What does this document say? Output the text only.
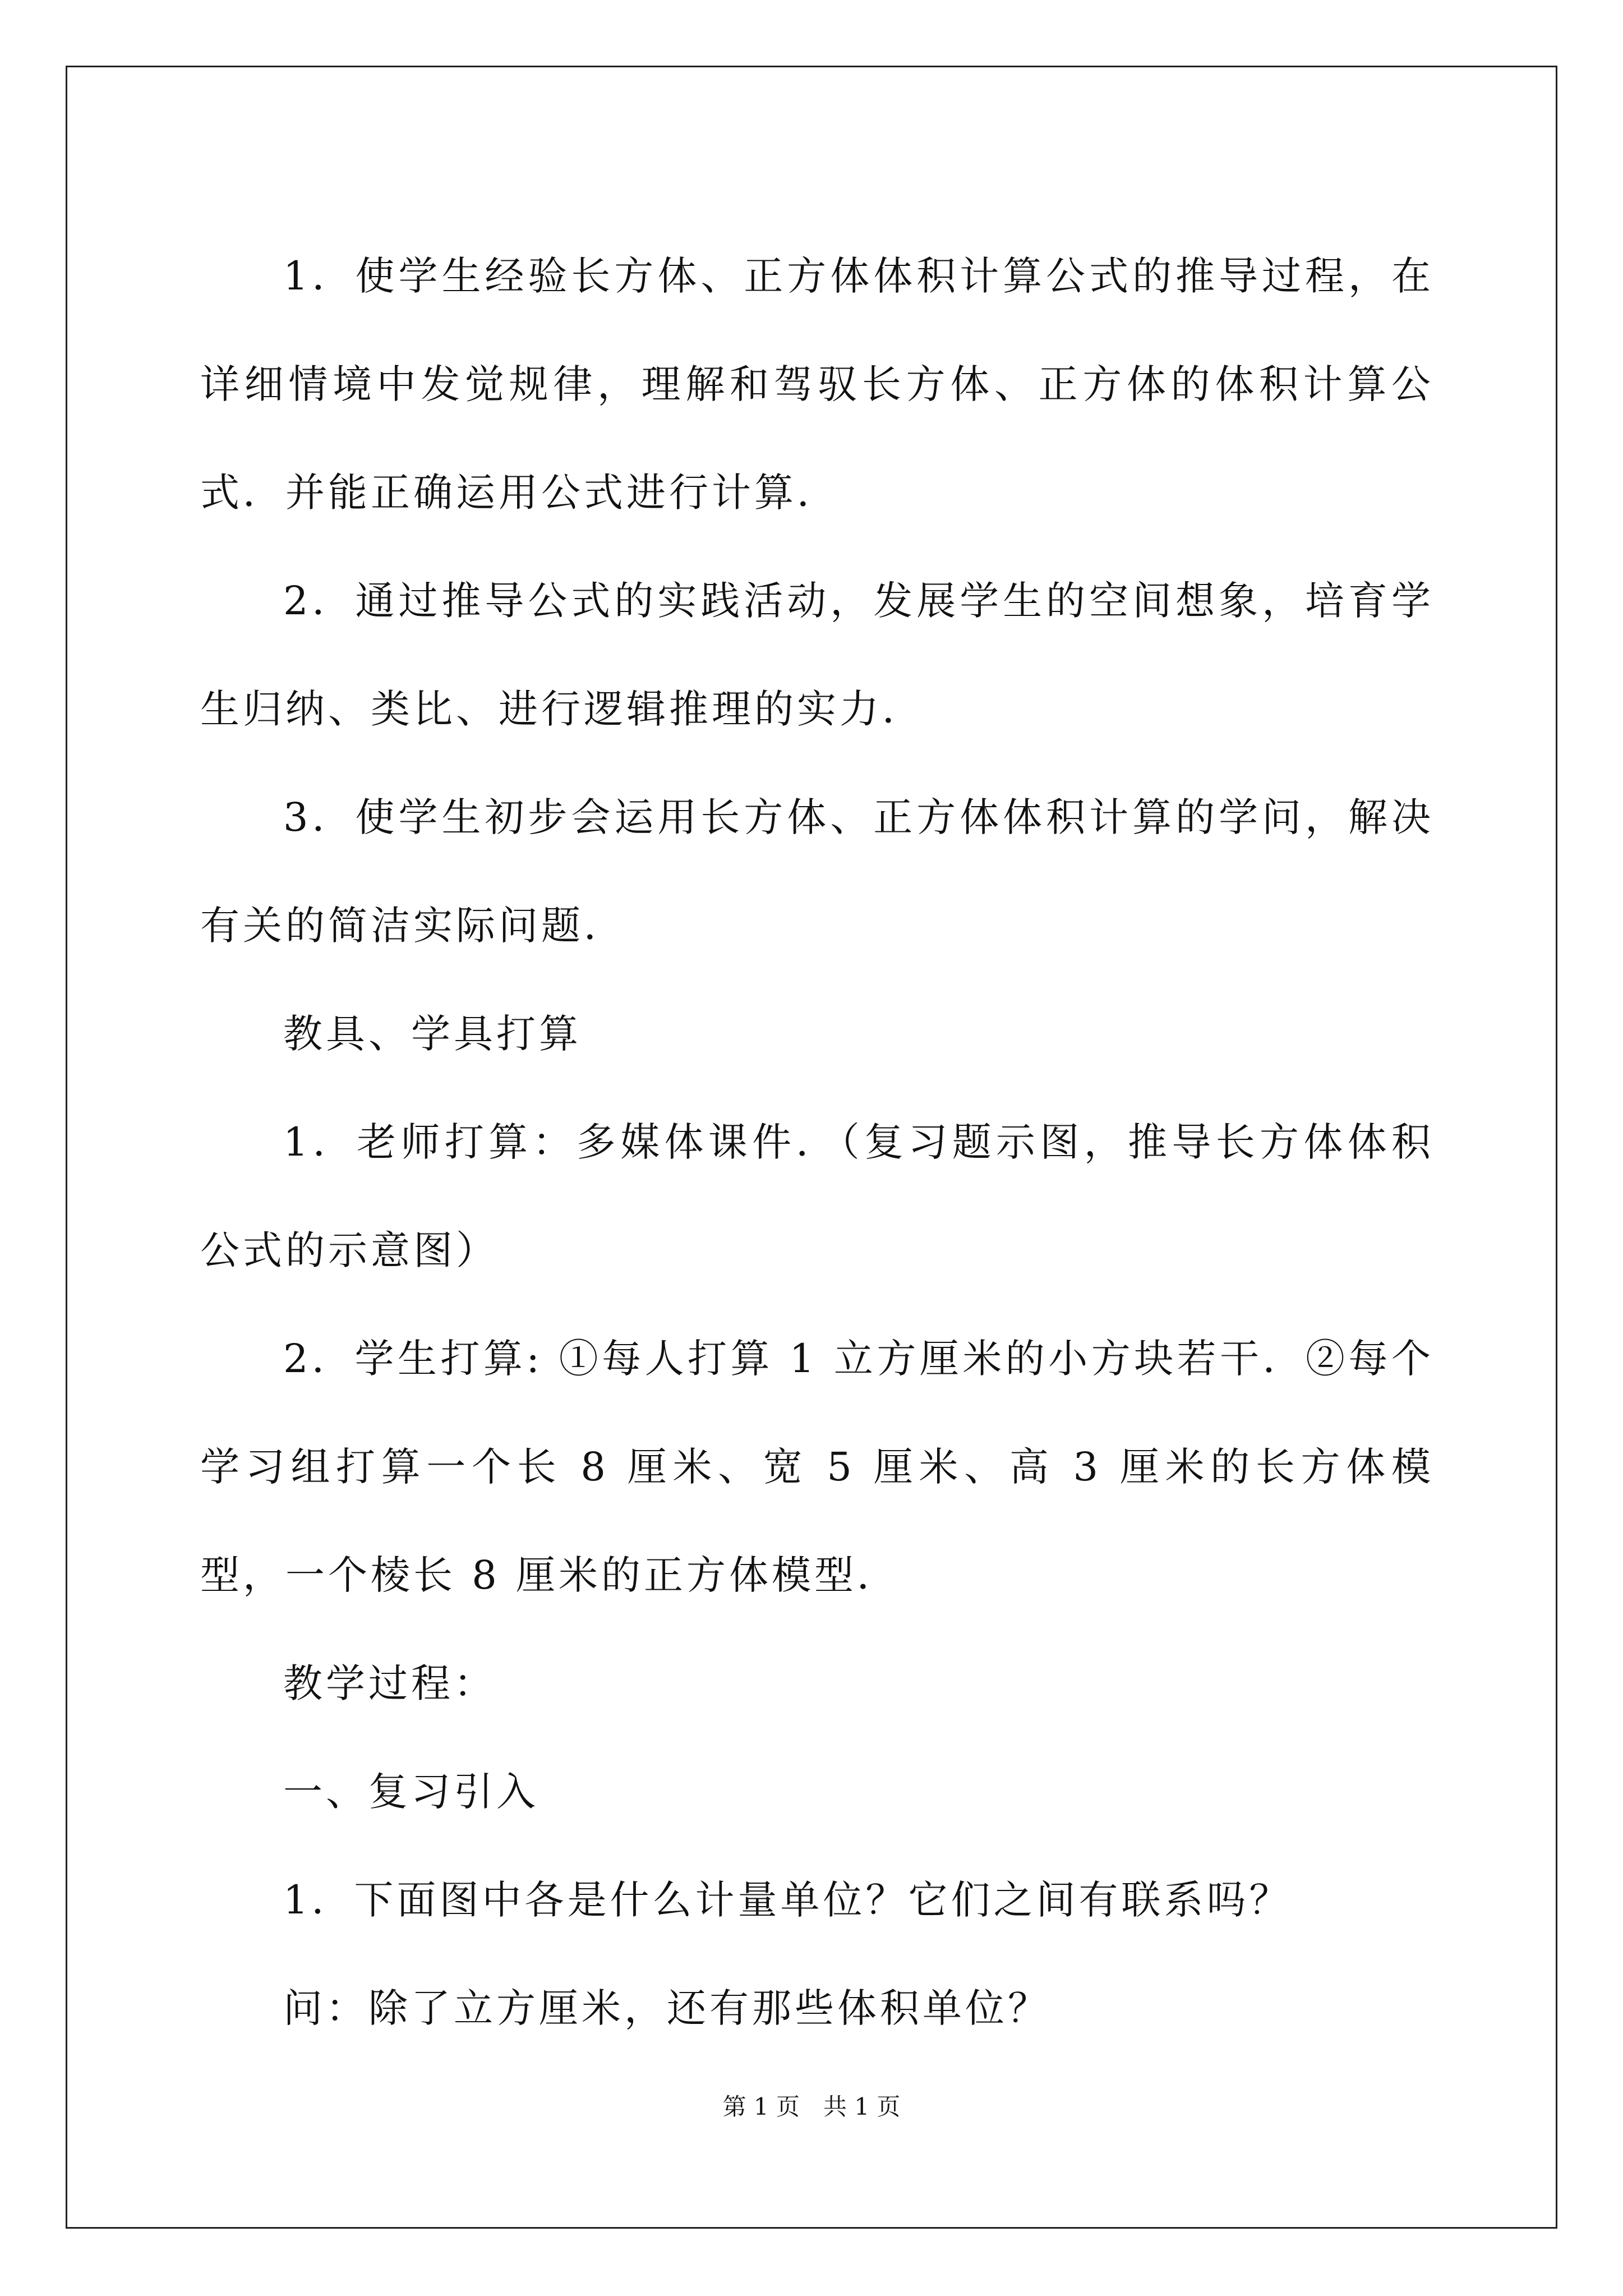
1．使学生经验长方体、正方体体积计算公式的推导过程，在详细情境中发觉规律，理解和驾驭长方体、正方体的体积计算公式．并能正确运用公式进行计算．

2．通过推导公式的实践活动，发展学生的空间想象，培育学生归纳、类比、进行逻辑推理的实力．

3．使学生初步会运用长方体、正方体体积计算的学问，解决有关的简洁实际问题．

教具、学具打算

1．老师打算：多媒体课件．（复习题示图，推导长方体体积公式的示意图）

2．学生打算: ①每人打算 1 立方厘米的小方块若干．②每个学习组打算一个长 8 厘米、宽 5 厘米、高 3 厘米的长方体模型，一个棱长 8 厘米的正方体模型．

教学过程：

一、复习引入

1．下面图中各是什么计量单位？它们之间有联系吗？

问：除了立方厘米，还有那些体积单位？

第 1 页　共 1 页
